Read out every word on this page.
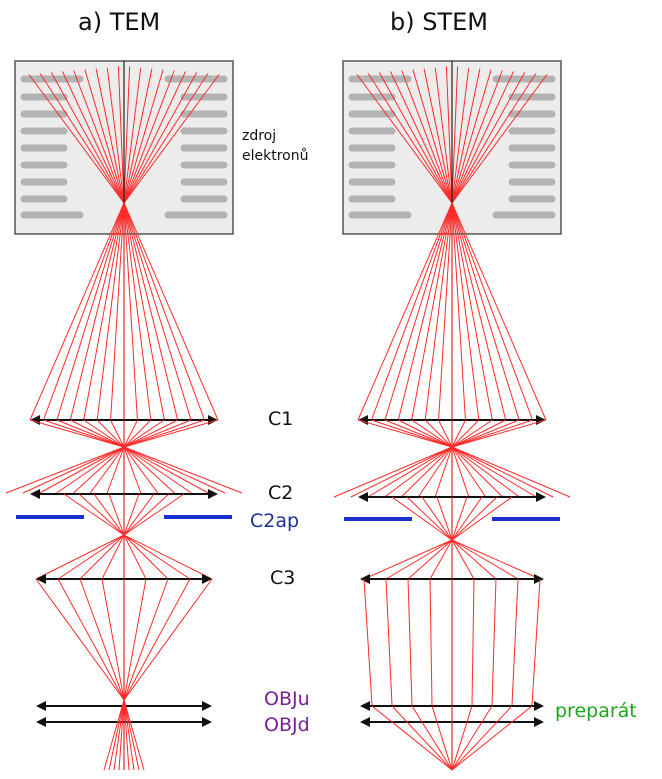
a) TEM	b) STEM
zdroj
elektronů
C1
C2
C2ap
C3
OBJu
OBJd
preparát
